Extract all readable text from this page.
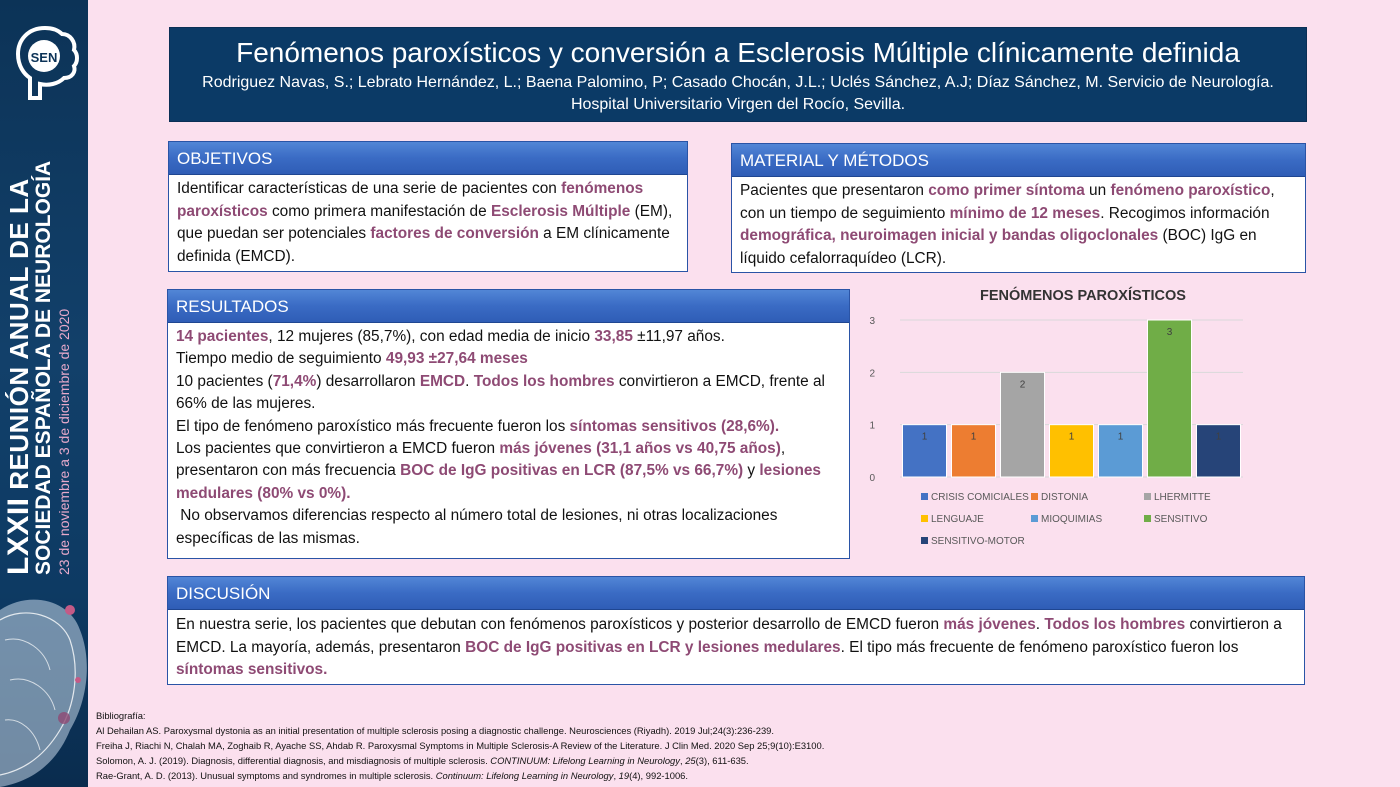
SEN
LXXII REUNIÓN ANUAL DE LA
SOCIEDAD ESPAÑOLA DE NEUROLOGÍA 23 de noviembre a 3 de diciembre de 2020
Fenómenos paroxísticos y conversión a Esclerosis Múltiple clínicamente definida
Rodriguez Navas, S.; Lebrato Hernández, L.; Baena Palomino, P; Casado Chocán, J.L.; Uclés Sánchez, A.J; Díaz Sánchez, M. Servicio de Neurología.
Hospital Universitario Virgen del Rocío, Sevilla.
OBJETIVOS
Identificar características de una serie de pacientes con fenómenos paroxísticos como primera manifestación de Esclerosis Múltiple (EM), que puedan ser potenciales factores de conversión a EM clínicamente definida (EMCD).
MATERIAL Y MÉTODOS
Pacientes que presentaron como primer síntoma un fenómeno paroxístico, con un tiempo de seguimiento mínimo de 12 meses. Recogimos información demográfica, neuroimagen inicial y bandas oligoclonales (BOC) IgG en líquido cefalorraquídeo (LCR).
RESULTADOS
14 pacientes, 12 mujeres (85,7%), con edad media de inicio 33,85 ±11,97 años.
Tiempo medio de seguimiento 49,93 ±27,64 meses
10 pacientes (71,4%) desarrollaron EMCD. Todos los hombres convirtieron a EMCD, frente al 66% de las mujeres.
El tipo de fenómeno paroxístico más frecuente fueron los síntomas sensitivos (28,6%).
Los pacientes que convirtieron a EMCD fueron más jóvenes (31,1 años vs 40,75 años), presentaron con más frecuencia BOC de IgG positivas en LCR (87,5% vs 66,7%) y lesiones medulares (80% vs 0%).
No observamos diferencias respecto al número total de lesiones, ni otras localizaciones específicas de las mismas.
FENÓMENOS PAROXÍSTICOS
0
1
2
3
1	1
2
1	1
3
1
CRISIS COMICIALES DISTONIA	LHERMITTE
LENGUAJE	MIOQUIMIAS	SENSITIVO
SENSITIVO-MOTOR
DISCUSIÓN
En nuestra serie, los pacientes que debutan con fenómenos paroxísticos y posterior desarrollo de EMCD fueron más jóvenes. Todos los hombres convirtieron a EMCD. La mayoría, además, presentaron BOC de IgG positivas en LCR y lesiones medulares. El tipo más frecuente de fenómeno paroxístico fueron los síntomas sensitivos.
Bibliografía:
Al Dehailan AS. Paroxysmal dystonia as an initial presentation of multiple sclerosis posing a diagnostic challenge. Neurosciences (Riyadh). 2019 Jul;24(3):236-239.
Freiha J, Riachi N, Chalah MA, Zoghaib R, Ayache SS, Ahdab R. Paroxysmal Symptoms in Multiple Sclerosis-A Review of the Literature. J Clin Med. 2020 Sep 25;9(10):E3100.
Solomon, A. J. (2019). Diagnosis, differential diagnosis, and misdiagnosis of multiple sclerosis. CONTINUUM: Lifelong Learning in Neurology, 25(3), 611-635.
Rae-Grant, A. D. (2013). Unusual symptoms and syndromes in multiple sclerosis. Continuum: Lifelong Learning in Neurology, 19(4), 992-1006.
